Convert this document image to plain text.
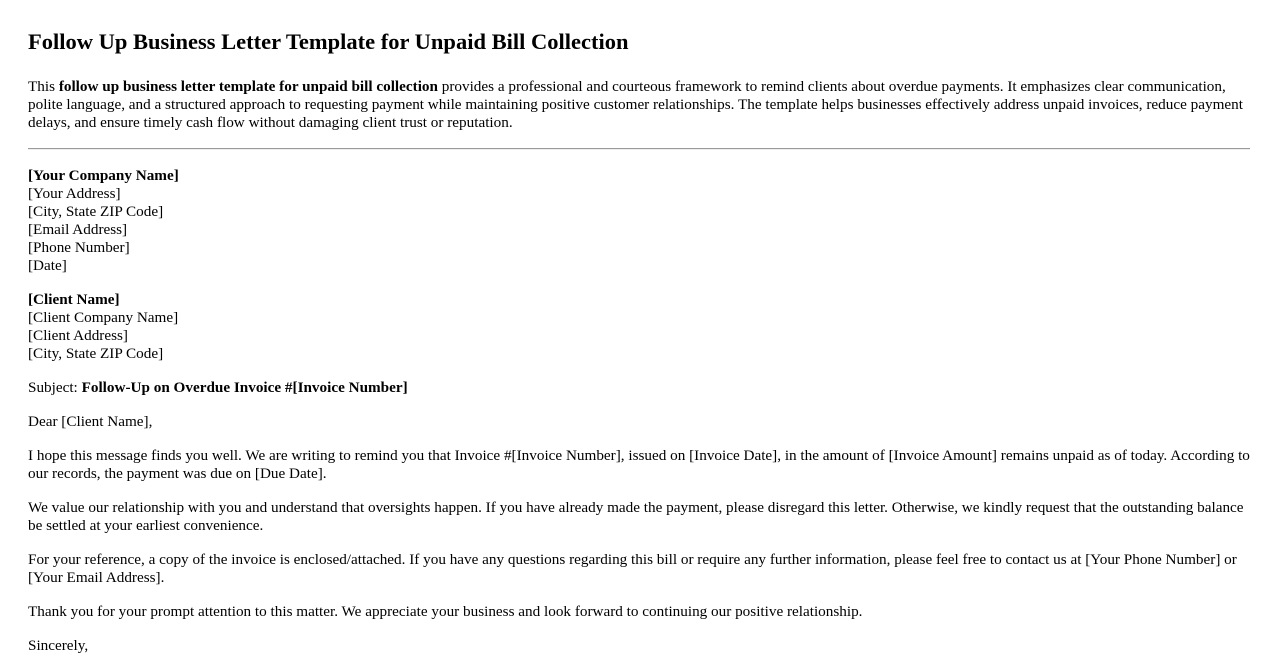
Follow Up Business Letter Template for Unpaid Bill Collection

This follow up business letter template for unpaid bill collection provides a professional and courteous framework to remind clients about overdue payments. It emphasizes clear communication, polite language, and a structured approach to requesting payment while maintaining positive customer relationships. The template helps businesses effectively address unpaid invoices, reduce payment delays, and ensure timely cash flow without damaging client trust or reputation.

[Your Company Name]
[Your Address]
[City, State ZIP Code]
[Email Address]
[Phone Number]
[Date]
[Client Name]
[Client Company Name]
[Client Address]
[City, State ZIP Code]

Subject: Follow-Up on Overdue Invoice #[Invoice Number]

Dear [Client Name],

I hope this message finds you well. We are writing to remind you that Invoice #[Invoice Number], issued on [Invoice Date], in the amount of [Invoice Amount] remains unpaid as of today. According to our records, the payment was due on [Due Date].

We value our relationship with you and understand that oversights happen. If you have already made the payment, please disregard this letter. Otherwise, we kindly request that the outstanding balance be settled at your earliest convenience.

For your reference, a copy of the invoice is enclosed/attached. If you have any questions regarding this bill or require any further information, please feel free to contact us at [Your Phone Number] or [Your Email Address].

Thank you for your prompt attention to this matter. We appreciate your business and look forward to continuing our positive relationship.

Sincerely,
